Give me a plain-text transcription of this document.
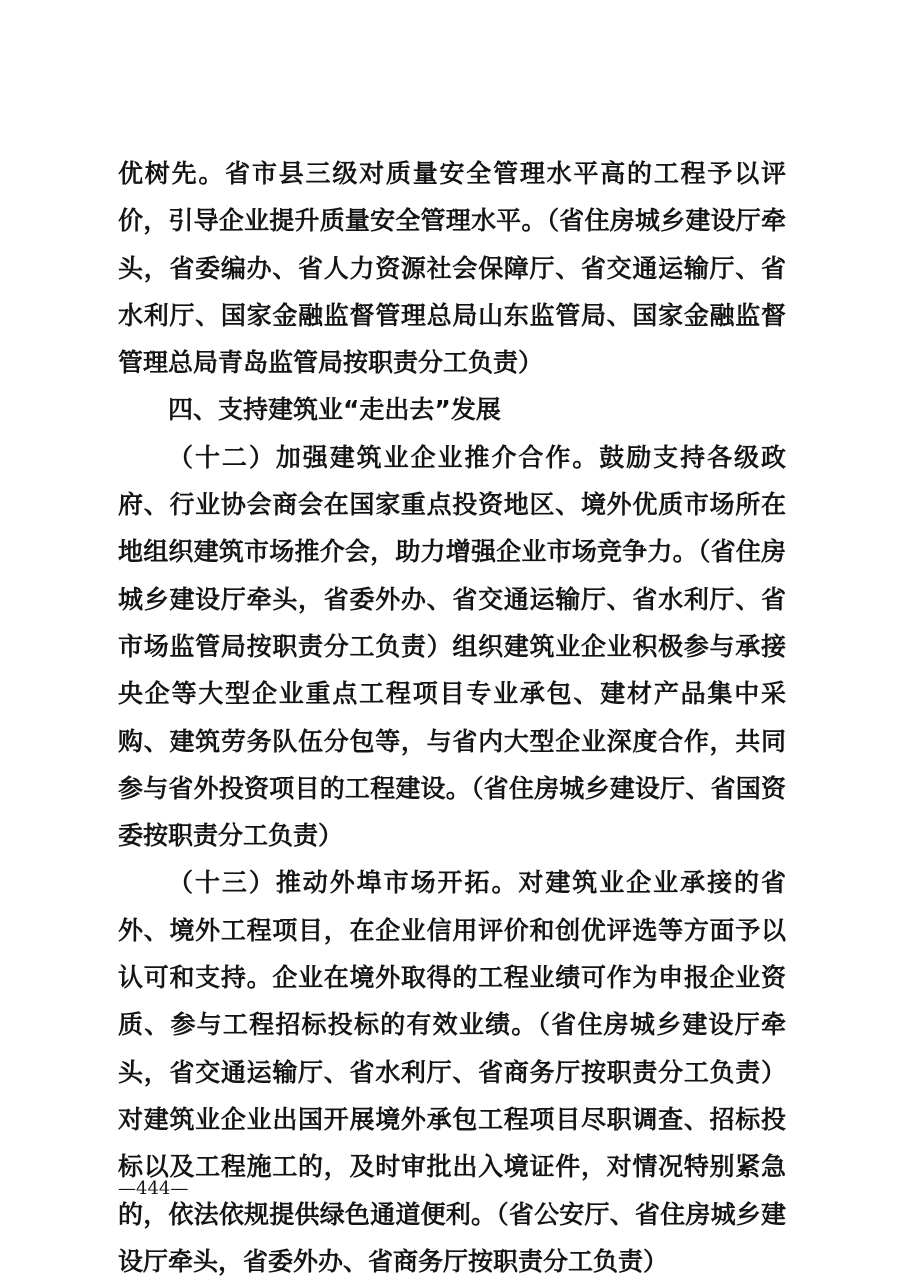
优树先。省市县三级对质量安全管理水平高的工程予以评价，引导企业提升质量安全管理水平。（省住房城乡建设厅牵头，省委编办、省人力资源社会保障厅、省交通运输厅、省水利厅、国家金融监督管理总局山东监管局、国家金融监督管理总局青岛监管局按职责分工负责）

四、支持建筑业“走出去”发展

（十二）加强建筑业企业推介合作。鼓励支持各级政府、行业协会商会在国家重点投资地区、境外优质市场所在地组织建筑市场推介会，助力增强企业市场竞争力。（省住房城乡建设厅牵头，省委外办、省交通运输厅、省水利厅、省市场监管局按职责分工负责）组织建筑业企业积极参与承接央企等大型企业重点工程项目专业承包、建材产品集中采购、建筑劳务队伍分包等，与省内大型企业深度合作，共同参与省外投资项目的工程建设。（省住房城乡建设厅、省国资委按职责分工负责）

（十三）推动外埠市场开拓。对建筑业企业承接的省外、境外工程项目，在企业信用评价和创优评选等方面予以认可和支持。企业在境外取得的工程业绩可作为申报企业资质、参与工程招标投标的有效业绩。（省住房城乡建设厅牵头，省交通运输厅、省水利厅、省商务厅按职责分工负责）对建筑业企业出国开展境外承包工程项目尽职调查、招标投标以及工程施工的，及时审批出入境证件，对情况特别紧急的，依法依规提供绿色通道便利。（省公安厅、省住房城乡建设厅牵头，省委外办、省商务厅按职责分工负责）

—444—
